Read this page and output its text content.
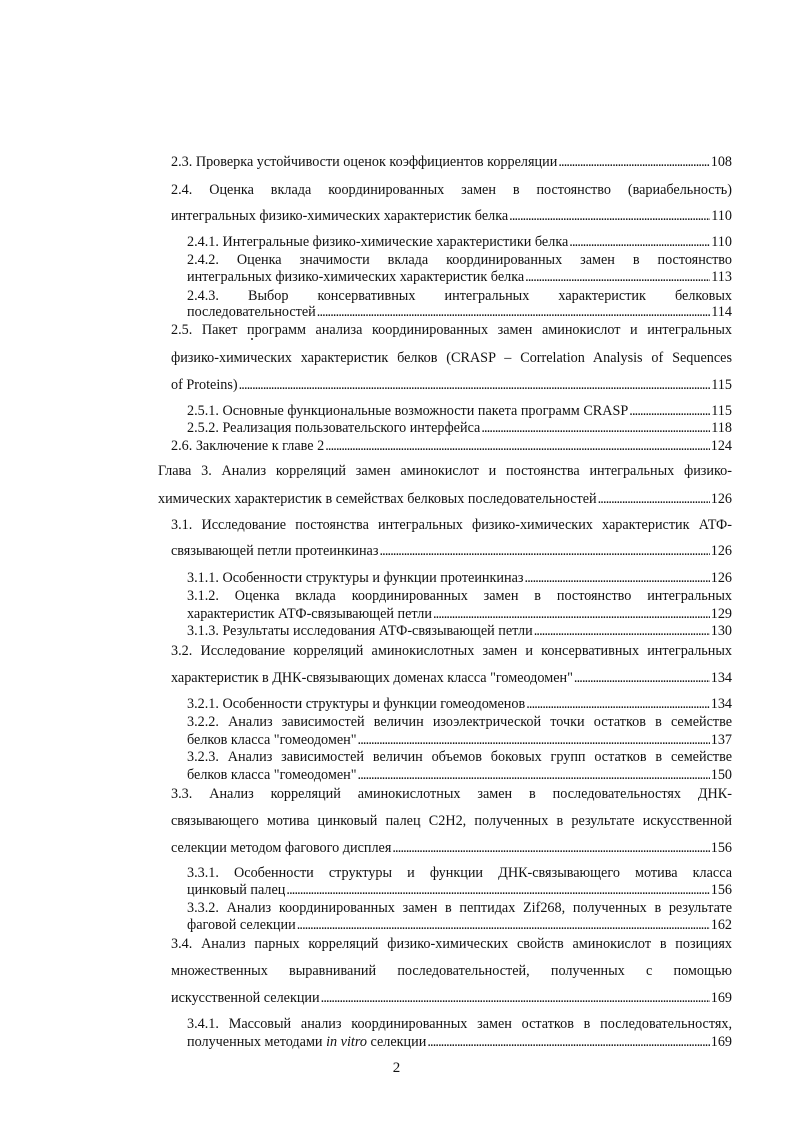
2.3. Проверка устойчивости оценок коэффициентов корреляции . . .	108
2.4. Оценка вклада координированных замен в постоянство (вариабельность)
интегральных физико-химических характеристик белка . . .	110
2.4.1. Интегральные физико-химические характеристики белка . . .	110
2.4.2. Оценка значимости вклада координированных замен в постоянство
интегральных физико-химических характеристик белка . . .	113
2.4.3. Выбор консервативных интегральных характеристик белковых
последовательностей . . .	114
2.5. Пакет программ анализа координированных замен аминокислот и интегральных
физико-химических характеристик белков (CRASP – Correlation Analysis of Sequences
of Proteins) . . .	115
2.5.1. Основные функциональные возможности пакета программ CRASP . . .	115
2.5.2. Реализация пользовательского интерфейса . . .	118
2.6. Заключение к главе 2 . . .	124
Глава 3. Анализ корреляций замен аминокислот и постоянства интегральных физико-
химических характеристик в семействах белковых последовательностей . . .	126
3.1. Исследование постоянства интегральных физико-химических характеристик АТФ-
связывающей петли протеинкиназ . . .	126
3.1.1. Особенности структуры и функции протеинкиназ . . .	126
3.1.2. Оценка вклада координированных замен в постоянство интегральных
характеристик АТФ-связывающей петли . . .	129
3.1.3. Результаты исследования АТФ-связывающей петли . . .	130
3.2. Исследование корреляций аминокислотных замен и консервативных интегральных
характеристик в ДНК-связывающих доменах класса "гомеодомен" . . .	134
3.2.1. Особенности структуры и функции гомеодоменов . . .	134
3.2.2. Анализ зависимостей величин изоэлектрической точки остатков в семействе
белков класса "гомеодомен" . . .	137
3.2.3. Анализ зависимостей величин объемов боковых групп остатков в семействе
белков класса "гомеодомен" . . .	150
3.3. Анализ корреляций аминокислотных замен в последовательностях ДНК-
связывающего мотива цинковый палец С2Н2, полученных в результате искусственной
селекции методом фагового дисплея . . .	156
3.3.1. Особенности структуры и функции ДНК-связывающего мотива класса
цинковый палец . . .	156
3.3.2. Анализ координированных замен в пептидах Zif268, полученных в результате
фаговой селекции . . .	162
3.4. Анализ парных корреляций физико-химических свойств аминокислот в позициях
множественных выравниваний последовательностей, полученных с помощью
искусственной селекции . . .	169
3.4.1. Массовый анализ координированных замен остатков в последовательностях,
полученных методами in vitro селекции . . .	169
2
